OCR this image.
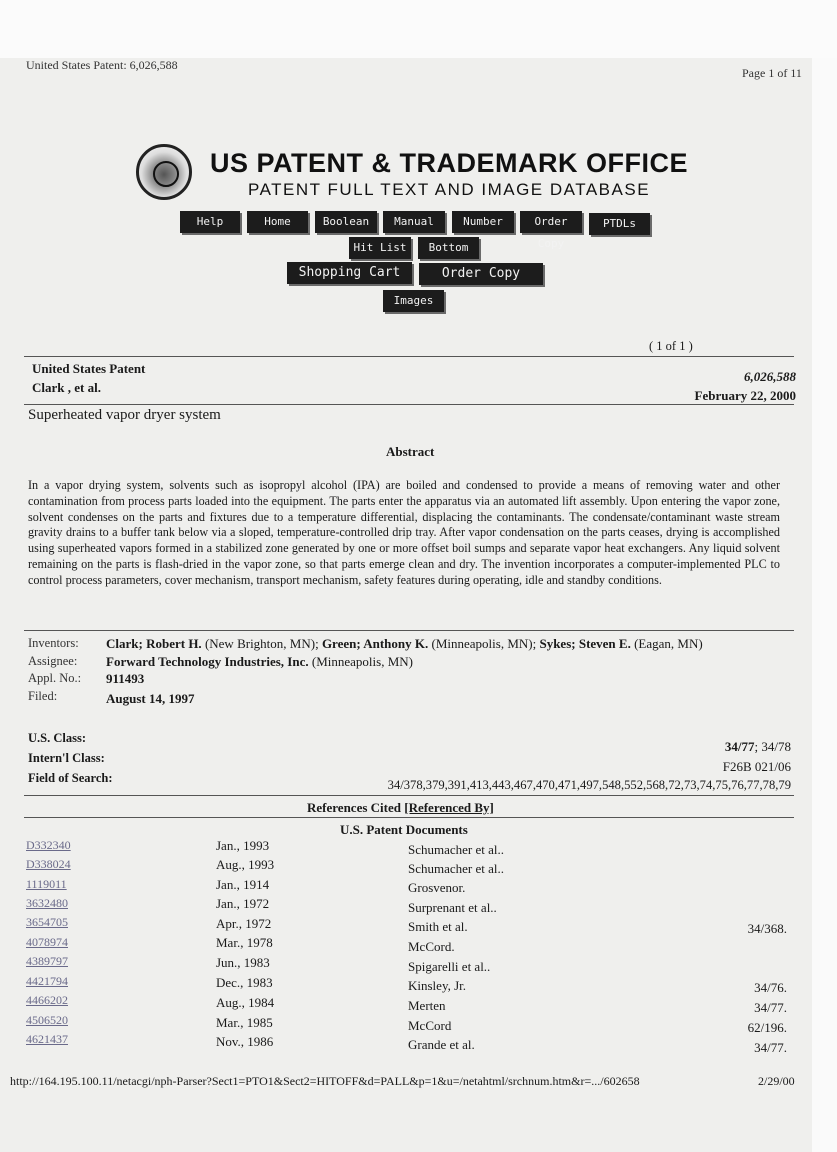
United States Patent: 6,026,588
Page 1 of 11
US PATENT & TRADEMARK OFFICE
PATENT FULL TEXT AND IMAGE DATABASE
Help	Home	Boolean	Manual	Number	Order Copy
PTDLs
Hit List	Bottom
Shopping Cart	Order Copy
Images
( 1 of 1 )
United States Patent
6,026,588
Clark , et al.
February 22, 2000
Superheated vapor dryer system
Abstract
In a vapor drying system, solvents such as isopropyl alcohol (IPA) are boiled and condensed to provide a means of removing water and other contamination from process parts loaded into the equipment. The parts enter the apparatus via an automated lift assembly. Upon entering the vapor zone, solvent condenses on the parts and fixtures due to a temperature differential, displacing the contaminants. The condensate/contaminant waste stream gravity drains to a buffer tank below via a sloped, temperature-controlled drip tray. After vapor condensation on the parts ceases, drying is accomplished using superheated vapors formed in a stabilized zone generated by one or more offset boil sumps and separate vapor heat exchangers. Any liquid solvent remaining on the parts is flash-dried in the vapor zone, so that parts emerge clean and dry. The invention incorporates a computer-implemented PLC to control process parameters, cover mechanism, transport mechanism, safety features during operating, idle and standby conditions.
Inventors: Clark; Robert H. (New Brighton, MN); Green; Anthony K. (Minneapolis, MN); Sykes; Steven E. (Eagan, MN)
Assignee: Forward Technology Industries, Inc. (Minneapolis, MN)
Appl. No.: 911493
Filed:	August 14, 1997
U.S. Class:
34/77; 34/78
Intern'l Class:
F26B 021/06
Field of Search:	34/378,379,391,413,443,467,470,471,497,548,552,568,72,73,74,75,76,77,78,79
References Cited [Referenced By]
U.S. Patent Documents
D332340	Jan., 1993	Schumacher et al..
D338024	Aug., 1993	Schumacher et al..
1119011	Jan., 1914	Grosvenor.
3632480	Jan., 1972	Surprenant et al..
3654705	Apr., 1972	Smith et al.	34/368.
4078974	Mar., 1978	McCord.
4389797	Jun., 1983	Spigarelli et al..
4421794	Dec., 1983	Kinsley, Jr.	34/76.
4466202	Aug., 1984	Merten	34/77.
4506520	Mar., 1985	McCord	62/196.
4621437	Nov., 1986	Grande et al.	34/77.
http://164.195.100.11/netacgi/nph-Parser?Sect1=PTO1&Sect2=HITOFF&d=PALL&p=1&u=/netahtml/srchnum.htm&r=.../602658	2/29/00
